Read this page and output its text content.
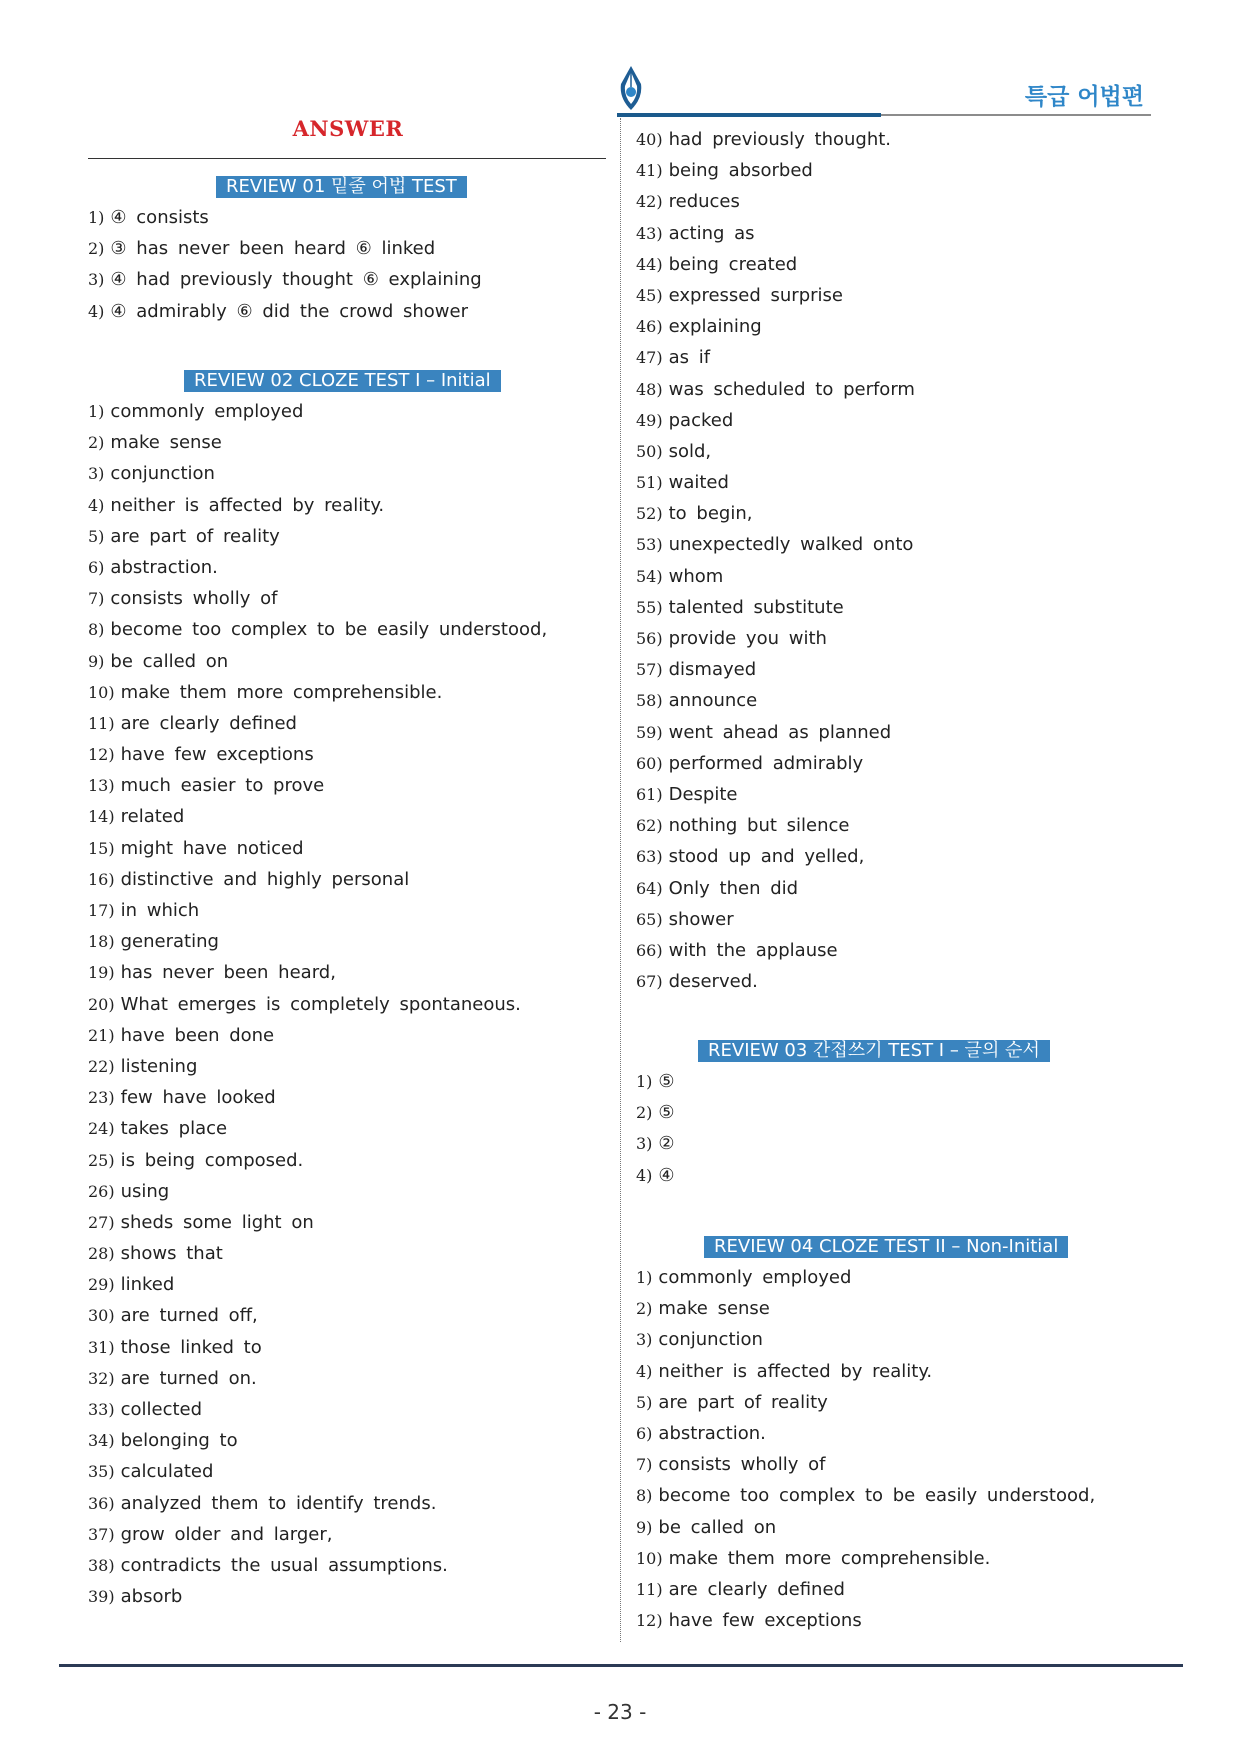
ANSWER
특급 어법편
REVIEW 01 밑줄 어법 TEST
1) ④ consists
2) ③ has never been heard ⑥ linked
3) ④ had previously thought ⑥ explaining
4) ④ admirably ⑥ did the crowd shower
REVIEW 02 CLOZE TEST I – Initial
1) commonly employed
2) make sense
3) conjunction
4) neither is affected by reality.
5) are part of reality
6) abstraction.
7) consists wholly of
8) become too complex to be easily understood,
9) be called on
10) make them more comprehensible.
11) are clearly defined
12) have few exceptions
13) much easier to prove
14) related
15) might have noticed
16) distinctive and highly personal
17) in which
18) generating
19) has never been heard,
20) What emerges is completely spontaneous.
21) have been done
22) listening
23) few have looked
24) takes place
25) is being composed.
26) using
27) sheds some light on
28) shows that
29) linked
30) are turned off,
31) those linked to
32) are turned on.
33) collected
34) belonging to
35) calculated
36) analyzed them to identify trends.
37) grow older and larger,
38) contradicts the usual assumptions.
39) absorb
40) had previously thought.
41) being absorbed
42) reduces
43) acting as
44) being created
45) expressed surprise
46) explaining
47) as if
48) was scheduled to perform
49) packed
50) sold,
51) waited
52) to begin,
53) unexpectedly walked onto
54) whom
55) talented substitute
56) provide you with
57) dismayed
58) announce
59) went ahead as planned
60) performed admirably
61) Despite
62) nothing but silence
63) stood up and yelled,
64) Only then did
65) shower
66) with the applause
67) deserved.
REVIEW 03 간접쓰기 TEST I – 글의 순서
1) ⑤
2) ⑤
3) ②
4) ④
REVIEW 04 CLOZE TEST II – Non-Initial
1) commonly employed
2) make sense
3) conjunction
4) neither is affected by reality.
5) are part of reality
6) abstraction.
7) consists wholly of
8) become too complex to be easily understood,
9) be called on
10) make them more comprehensible.
11) are clearly defined
12) have few exceptions
- 23 -
